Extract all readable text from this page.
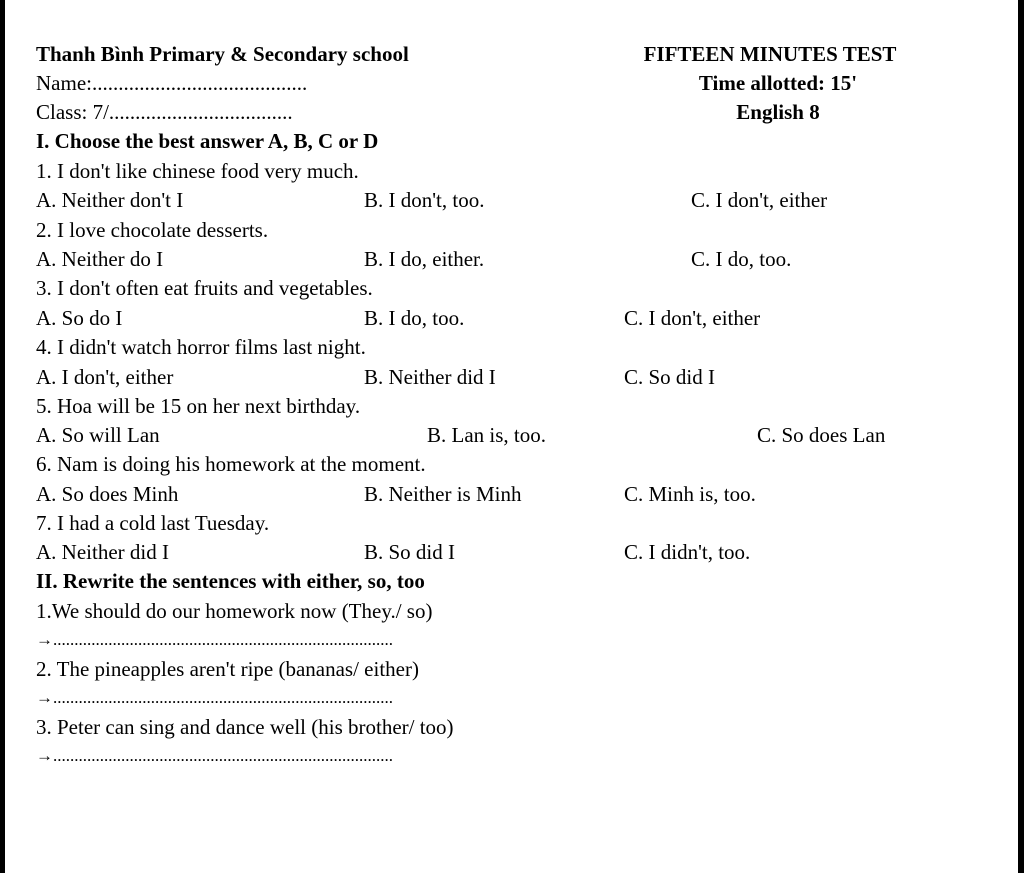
Thanh Bình Primary & Secondary school	FIFTEEN MINUTES TEST
Name:.........................................	Time allotted: 15'
Class: 7/...................................	English 8
I. Choose the best answer A, B, C or D
1. I don't like chinese food very much.
A. Neither don't I	B. I don't, too.	C. I don't, either
2. I love chocolate desserts.
A. Neither do I	B. I do, either.	C. I do, too.
3. I don't often eat fruits and vegetables.
A. So do I	B. I do, too.	C. I don't, either
4. I didn't watch horror films last night.
A. I don't, either	B. Neither did I	C. So did I
5. Hoa will be 15 on her next birthday.
A. So will Lan	B. Lan is, too.	C. So does Lan
6. Nam is doing his homework at the moment.
A. So does Minh	B. Neither is Minh	C. Minh is, too.
7. I had a cold last Tuesday.
A. Neither did I	B. So did I	C. I didn't, too.
II. Rewrite the sentences with either, so, too
1.We should do our homework now (They./ so)
→................................................................................
2. The pineapples aren't ripe (bananas/ either)
→................................................................................
3. Peter can sing and dance well (his brother/ too)
→................................................................................
